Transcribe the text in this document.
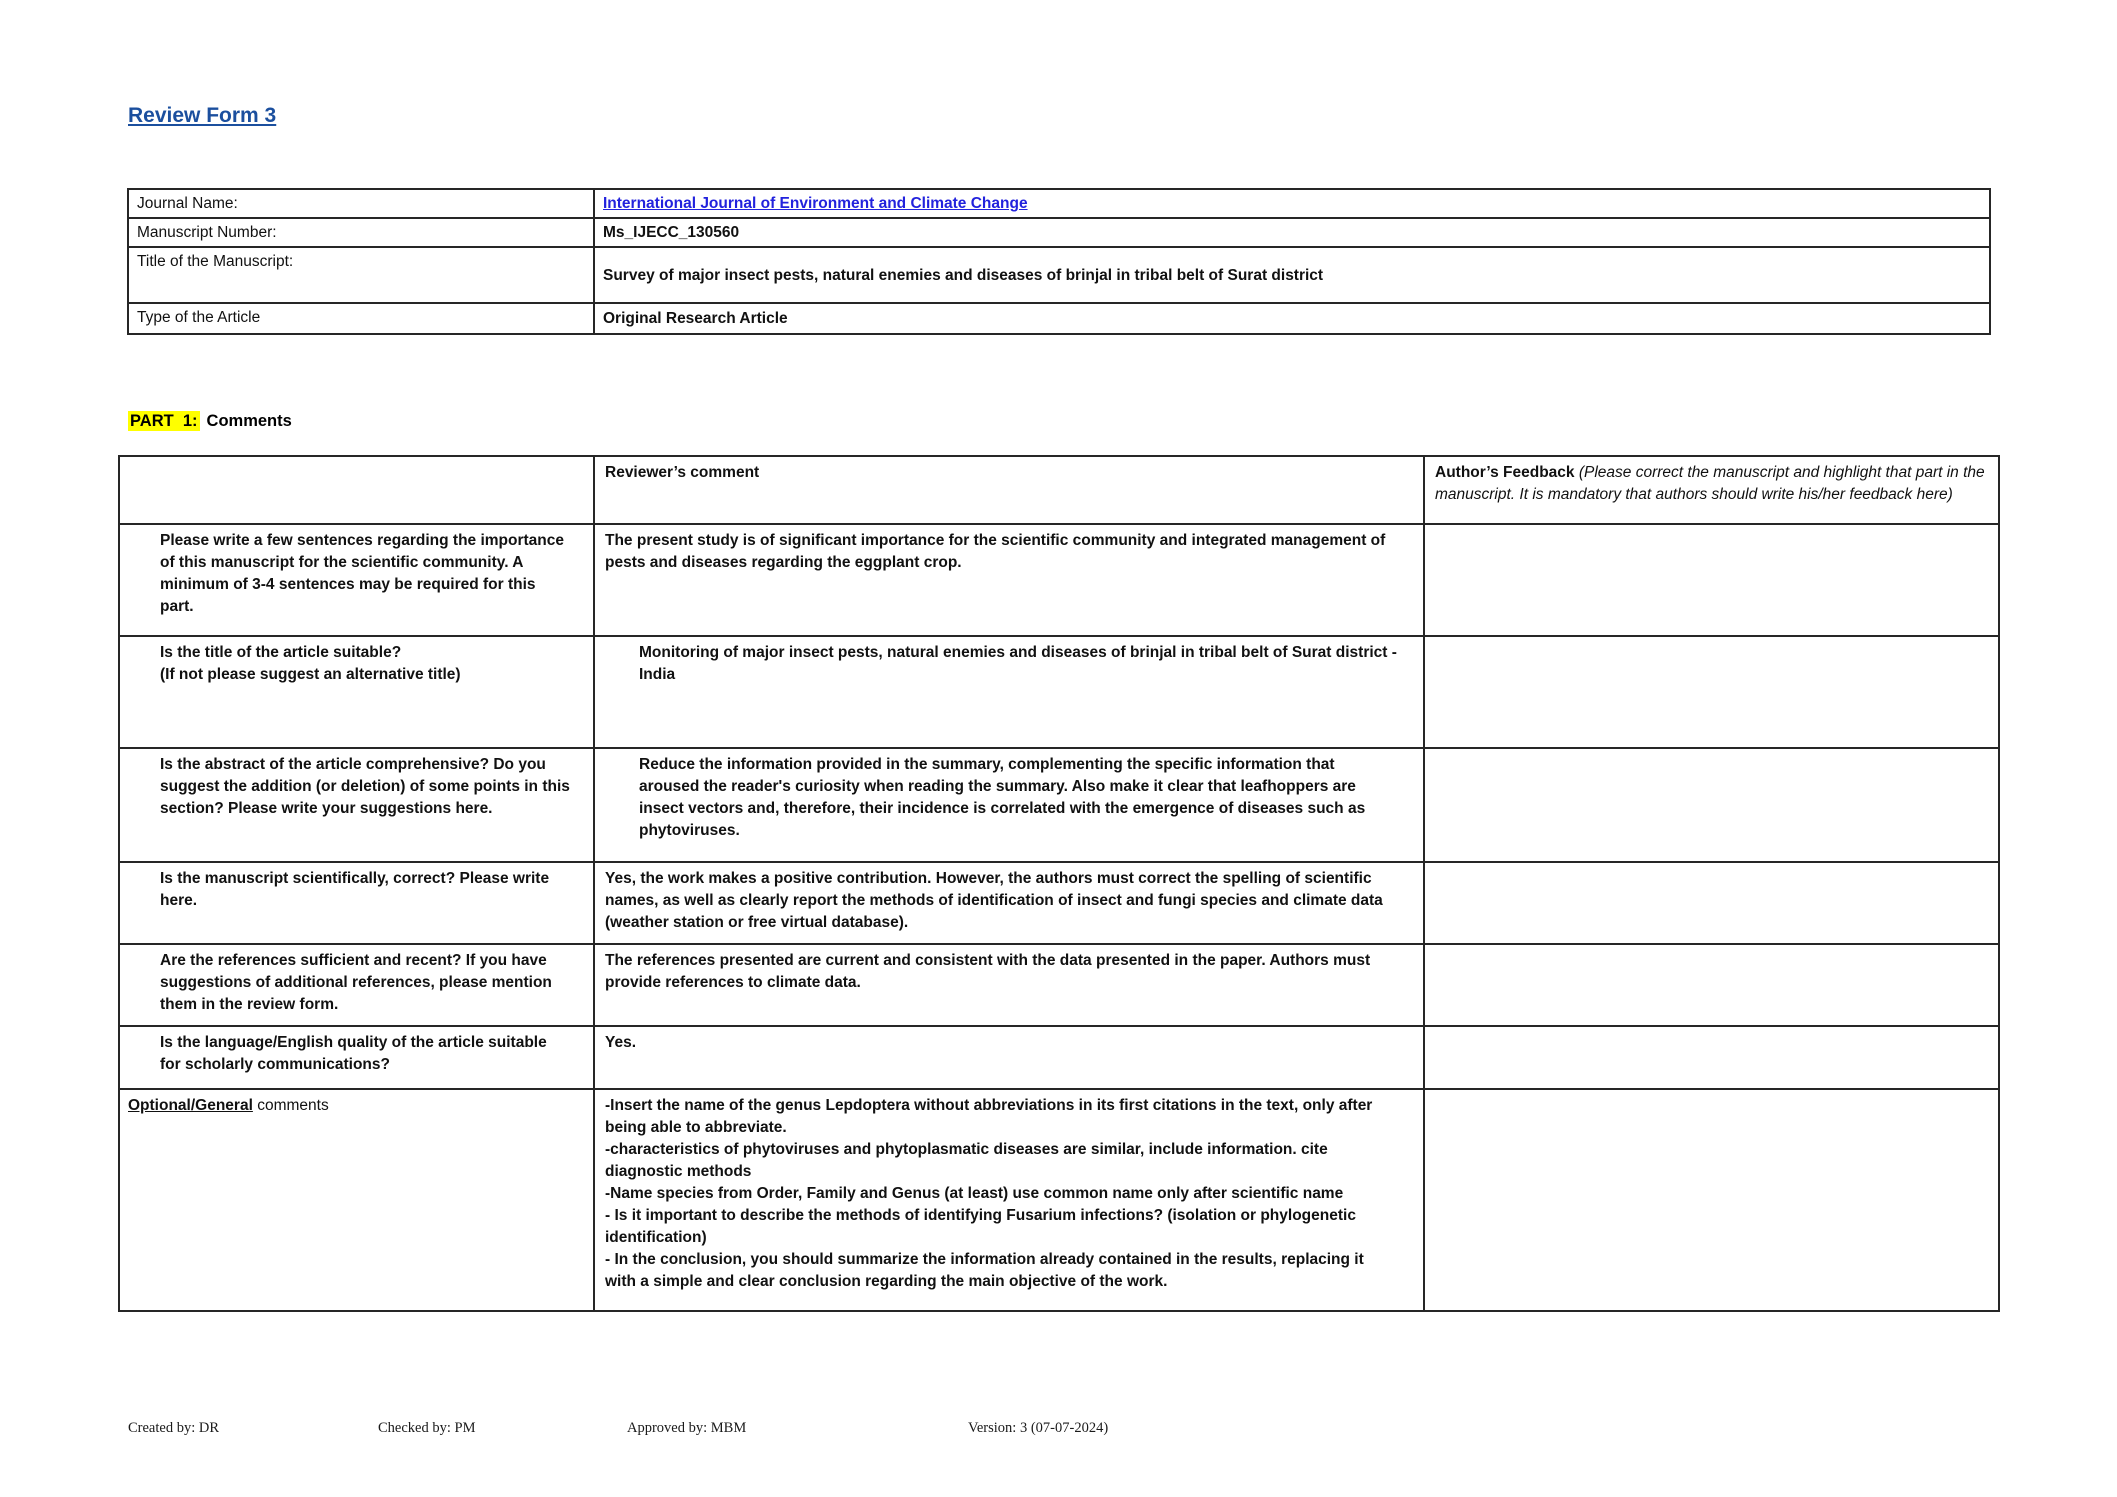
Review Form 3
Journal Name:	International Journal of Environment and Climate Change
Manuscript Number:	Ms_IJECC_130560
Title of the Manuscript:	Survey of major insect pests, natural enemies and diseases of brinjal in tribal belt of Surat district
Type of the Article	Original Research Article
PART  1: Comments
	Reviewer’s comment	Author’s Feedback (Please correct the manuscript and highlight that part in the manuscript. It is mandatory that authors should write his/her feedback here)
Please write a few sentences regarding the importance of this manuscript for the scientific community. A minimum of 3-4 sentences may be required for this part.	The present study is of significant importance for the scientific community and integrated management of pests and diseases regarding the eggplant crop.	

Is the title of the article suitable?
(If not please suggest an alternative title)	Monitoring of major insect pests, natural enemies and diseases of brinjal in tribal belt of Surat district - India	
Is the abstract of the article comprehensive? Do you suggest the addition (or deletion) of some points in this section? Please write your suggestions here.	Reduce the information provided in the summary, complementing the specific information that aroused the reader's curiosity when reading the summary. Also make it clear that leafhoppers are insect vectors and, therefore, their incidence is correlated with the emergence of diseases such as phytoviruses.	
Is the manuscript scientifically, correct? Please write here.	Yes, the work makes a positive contribution. However, the authors must correct the spelling of scientific names, as well as clearly report the methods of identification of insect and fungi species and climate data (weather station or free virtual database).	
Are the references sufficient and recent? If you have suggestions of additional references, please mention them in the review form.	The references presented are current and consistent with the data presented in the paper. Authors must provide references to climate data.	
Is the language/English quality of the article suitable for scholarly communications?	Yes.	
Optional/General comments	-Insert the name of the genus Lepdoptera without abbreviations in its first citations in the text, only after being able to abbreviate.
-characteristics of phytoviruses and phytoplasmatic diseases are similar, include information. cite diagnostic methods
-Name species from Order, Family and Genus (at least) use common name only after scientific name
- Is it important to describe the methods of identifying Fusarium infections? (isolation or phylogenetic identification)
- In the conclusion, you should summarize the information already contained in the results, replacing it with a simple and clear conclusion regarding the main objective of the work.	

Created by: DR	Checked by: PM	Approved by: MBM	Version: 3 (07-07-2024)
